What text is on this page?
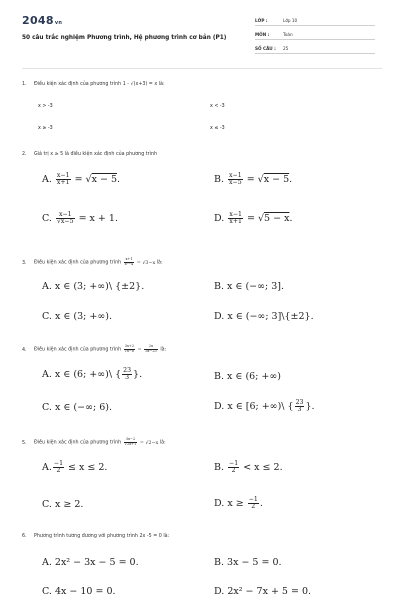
2048vn
50 câu trắc nghiệm Phương trình, Hệ phương trình cơ bản (P1)
LỚP :	Lớp 10
MÔN :	Toán
SỐ CÂU : 25
1. Điều kiện xác định của phương trình 1 - √(x+3) = x là:
x > -3	x < -3
x ≥ -3	x ≤ -3
2. Giá trị x ≥ 5 là điều kiện xác định của phương trình
A. $\frac{x-1}{x+1} = √x - 5$.	B. $\frac{x-1}{x-5} = √x - 5$.
C. $\frac{x-1}{√x-5} = x + 1$.	D. $\frac{x-1}{x+1} = √5 - x$.
3. Điều kiện xác định của phương trình $\frac{x+1}{\text{x²−4}} = √3-x$ là:
A. x ∈ (3; +∞)\ {±2}.	B. x ∈ (−∞; 3].
C. x ∈ (3; +∞).	D. x ∈ (−∞; 3]\{±2}.
4. Điều kiện xác định của phương trình $\frac{3x+2}{√x-6} = \frac{2x}{3x-23}$ là:
A. x ∈ (6; +∞)\ { $\frac{23}{3}$ }.	B. x ∈ (6; +∞)
C. x ∈ (−∞; 6).	D. x ∈ [6; +∞)\ { $\frac{23}{3}$ }.
5. Điều kiện xác định của phương trình $\frac{3x-2}{√2x+1} = √2-x$ là:
A. $\frac{-1}{2} \le x \le 2$.	B. $\frac{-1}{2} < x \le 2$.
C. x ≥ 2.	D. $x \ge \frac{-1}{2}$ .
6. Phương trình tương đương với phương trình 2x -5 = 0 là:
A. 2x² − 3x − 5 = 0.	B. 3x − 5 = 0.
C. 4x − 10 = 0.	D. 2x² − 7x + 5 = 0.
